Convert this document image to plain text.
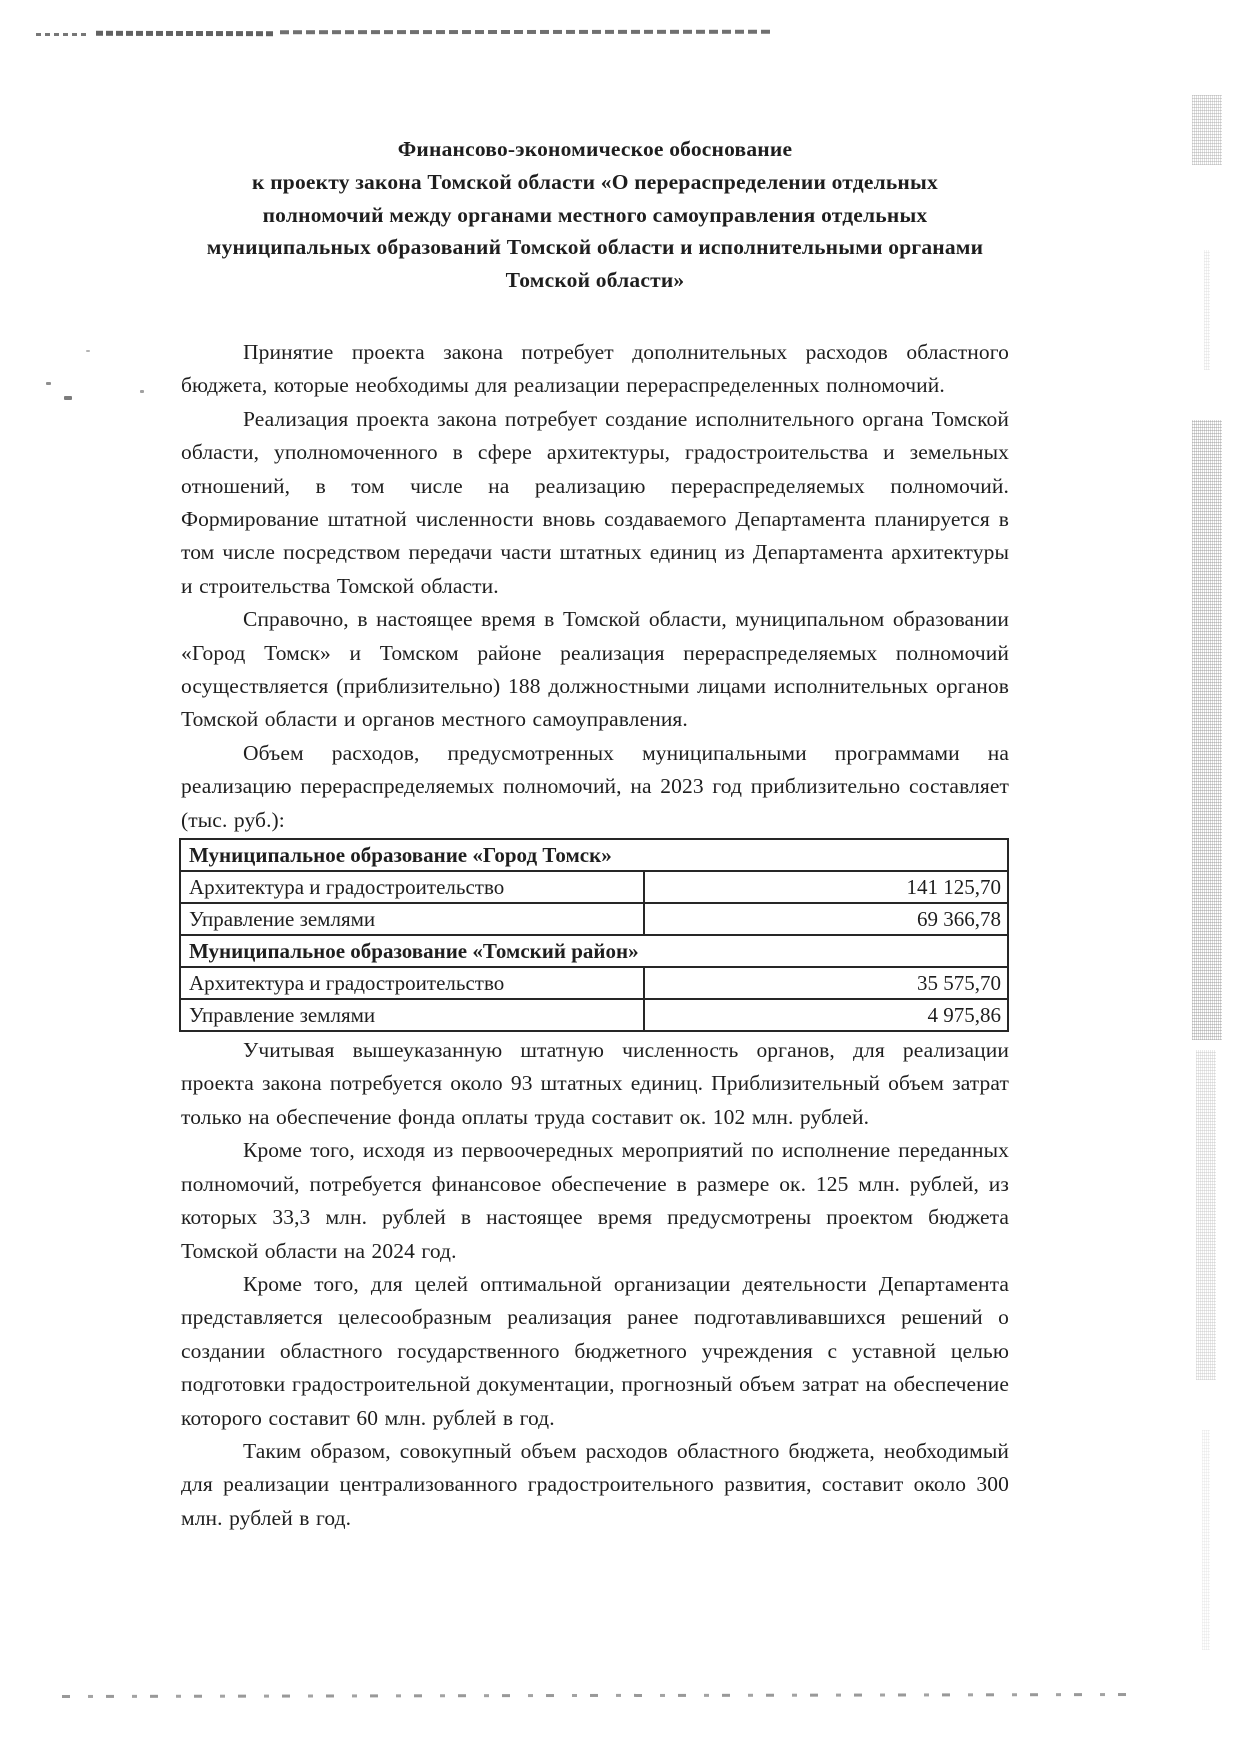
Финансово-экономическое обоснование
к проекту закона Томской области «О перераспределении отдельных
полномочий между органами местного самоуправления отдельных
муниципальных образований Томской области и исполнительными органами
Томской области»

Принятие проекта закона потребует дополнительных расходов областного бюджета, которые необходимы для реализации перераспределенных полномочий.

Реализация проекта закона потребует создание исполнительного органа Томской области, уполномоченного в сфере архитектуры, градостроительства и земельных отношений, в том числе на реализацию перераспределяемых полномочий. Формирование штатной численности вновь создаваемого Департамента планируется в том числе посредством передачи части штатных единиц из Департамента архитектуры и строительства Томской области.

Справочно, в настоящее время в Томской области, муниципальном образовании «Город Томск» и Томском районе реализация перераспределяемых полномочий осуществляется (приблизительно) 188 должностными лицами исполнительных органов Томской области и органов местного самоуправления.

Объем расходов, предусмотренных муниципальными программами на реализацию перераспределяемых полномочий, на 2023 год приблизительно составляет (тыс. руб.):

Муниципальное образование «Город Томск»	
Архитектура и градостроительство	141 125,70
Управление землями	69 366,78
Муниципальное образование «Томский район»	
Архитектура и градостроительство	35 575,70
Управление землями	4 975,86

Учитывая вышеуказанную штатную численность органов, для реализации проекта закона потребуется около 93 штатных единиц. Приблизительный объем затрат только на обеспечение фонда оплаты труда составит ок. 102 млн. рублей.

Кроме того, исходя из первоочередных мероприятий по исполнение переданных полномочий, потребуется финансовое обеспечение в размере ок. 125 млн. рублей, из которых 33,3 млн. рублей в настоящее время предусмотрены проектом бюджета Томской области на 2024 год.

Кроме того, для целей оптимальной организации деятельности Департамента представляется целесообразным реализация ранее подготавливавшихся решений о создании областного государственного бюджетного учреждения с уставной целью подготовки градостроительной документации, прогнозный объем затрат на обеспечение которого составит 60 млн. рублей в год.

Таким образом, совокупный объем расходов областного бюджета, необходимый для реализации централизованного градостроительного развития, составит около 300 млн. рублей в год.
